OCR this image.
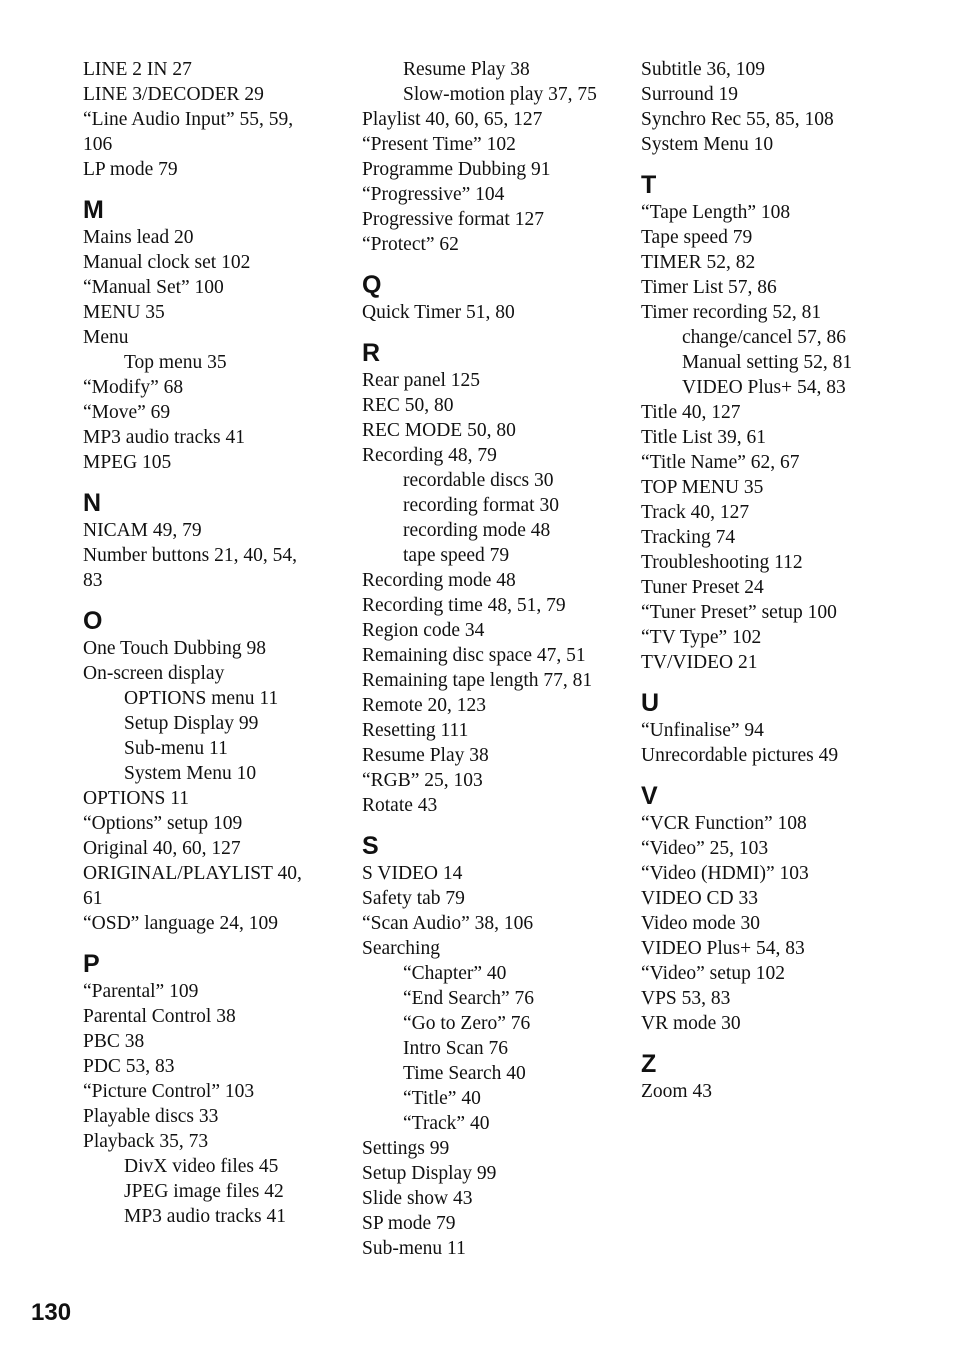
LINE 2 IN 27
LINE 3/DECODER 29
“Line Audio Input” 55, 59,
106
LP mode 79
M
Mains lead 20
Manual clock set 102
“Manual Set” 100
MENU 35
Menu
Top menu 35
“Modify” 68
“Move” 69
MP3 audio tracks 41
MPEG 105
N
NICAM 49, 79
Number buttons 21, 40, 54,
83
O
One Touch Dubbing 98
On-screen display
OPTIONS menu 11
Setup Display 99
Sub-menu 11
System Menu 10
OPTIONS 11
“Options” setup 109
Original 40, 60, 127
ORIGINAL/PLAYLIST 40,
61
“OSD” language 24, 109
P
“Parental” 109
Parental Control 38
PBC 38
PDC 53, 83
“Picture Control” 103
Playable discs 33
Playback 35, 73
DivX video files 45
JPEG image files 42
MP3 audio tracks 41
Resume Play 38
Slow-motion play 37, 75
Playlist 40, 60, 65, 127
“Present Time” 102
Programme Dubbing 91
“Progressive” 104
Progressive format 127
“Protect” 62
Q
Quick Timer 51, 80
R
Rear panel 125
REC 50, 80
REC MODE 50, 80
Recording 48, 79
recordable discs 30
recording format 30
recording mode 48
tape speed 79
Recording mode 48
Recording time 48, 51, 79
Region code 34
Remaining disc space 47, 51
Remaining tape length 77, 81
Remote 20, 123
Resetting 111
Resume Play 38
“RGB” 25, 103
Rotate 43
S
S VIDEO 14
Safety tab 79
“Scan Audio” 38, 106
Searching
“Chapter” 40
“End Search” 76
“Go to Zero” 76
Intro Scan 76
Time Search 40
“Title” 40
“Track” 40
Settings 99
Setup Display 99
Slide show 43
SP mode 79
Sub-menu 11
Subtitle 36, 109
Surround 19
Synchro Rec 55, 85, 108
System Menu 10
T
“Tape Length” 108
Tape speed 79
TIMER 52, 82
Timer List 57, 86
Timer recording 52, 81
change/cancel 57, 86
Manual setting 52, 81
VIDEO Plus+ 54, 83
Title 40, 127
Title List 39, 61
“Title Name” 62, 67
TOP MENU 35
Track 40, 127
Tracking 74
Troubleshooting 112
Tuner Preset 24
“Tuner Preset” setup 100
“TV Type” 102
TV/VIDEO 21
U
“Unfinalise” 94
Unrecordable pictures 49
V
“VCR Function” 108
“Video” 25, 103
“Video (HDMI)” 103
VIDEO CD 33
Video mode 30
VIDEO Plus+ 54, 83
“Video” setup 102
VPS 53, 83
VR mode 30
Z
Zoom 43
130
